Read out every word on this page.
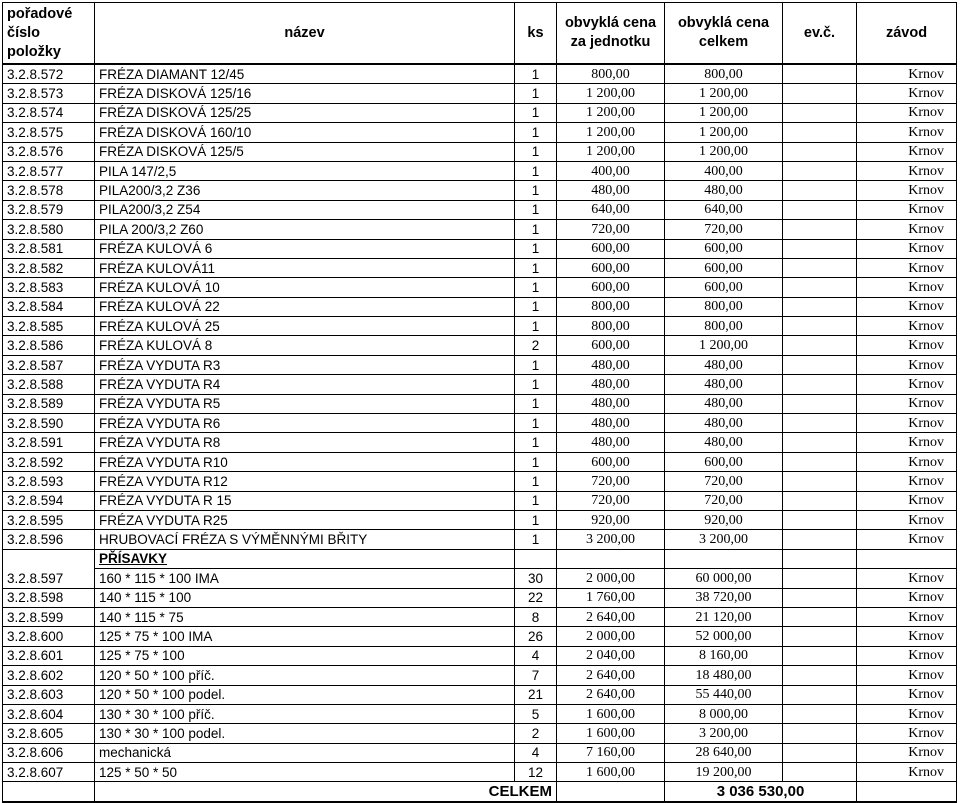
pořadové číslo položky	název	ks	obvyklá cena za jednotku	obvyklá cena celkem	ev.č.	závod
3.2.8.572	FRÉZA DIAMANT 12/45	1	800,00	800,00		Krnov
3.2.8.573	FRÉZA DISKOVÁ 125/16	1	1 200,00	1 200,00		Krnov
3.2.8.574	FRÉZA DISKOVÁ 125/25	1	1 200,00	1 200,00		Krnov
3.2.8.575	FRÉZA DISKOVÁ 160/10	1	1 200,00	1 200,00		Krnov
3.2.8.576	FRÉZA DISKOVÁ 125/5	1	1 200,00	1 200,00		Krnov
3.2.8.577	PILA 147/2,5	1	400,00	400,00		Krnov
3.2.8.578	PILA200/3,2 Z36	1	480,00	480,00		Krnov
3.2.8.579	PILA200/3,2 Z54	1	640,00	640,00		Krnov
3.2.8.580	PILA 200/3,2 Z60	1	720,00	720,00		Krnov
3.2.8.581	FRÉZA KULOVÁ 6	1	600,00	600,00		Krnov
3.2.8.582	FRÉZA KULOVÁ11	1	600,00	600,00		Krnov
3.2.8.583	FRÉZA KULOVÁ 10	1	600,00	600,00		Krnov
3.2.8.584	FRÉZA KULOVÁ 22	1	800,00	800,00		Krnov
3.2.8.585	FRÉZA KULOVÁ 25	1	800,00	800,00		Krnov
3.2.8.586	FRÉZA KULOVÁ 8	2	600,00	1 200,00		Krnov
3.2.8.587	FRÉZA VYDUTA R3	1	480,00	480,00		Krnov
3.2.8.588	FRÉZA VYDUTA R4	1	480,00	480,00		Krnov
3.2.8.589	FRÉZA VYDUTA R5	1	480,00	480,00		Krnov
3.2.8.590	FRÉZA VYDUTA R6	1	480,00	480,00		Krnov
3.2.8.591	FRÉZA VYDUTA R8	1	480,00	480,00		Krnov
3.2.8.592	FRÉZA VYDUTA R10	1	600,00	600,00		Krnov
3.2.8.593	FRÉZA VYDUTA R12	1	720,00	720,00		Krnov
3.2.8.594	FRÉZA VYDUTA R 15	1	720,00	720,00		Krnov
3.2.8.595	FRÉZA VYDUTA R25	1	920,00	920,00		Krnov
3.2.8.596	HRUBOVACÍ FRÉZA S VÝMĚNNÝMI BŘITY	1	3 200,00	3 200,00		Krnov
	PŘÍSAVKY					
3.2.8.597	160 * 115 * 100 IMA	30	2 000,00	60 000,00		Krnov
3.2.8.598	140 * 115 * 100	22	1 760,00	38 720,00		Krnov
3.2.8.599	140 * 115 * 75	8	2 640,00	21 120,00		Krnov
3.2.8.600	125 * 75 * 100 IMA	26	2 000,00	52 000,00		Krnov
3.2.8.601	125 * 75 * 100	4	2 040,00	8 160,00		Krnov
3.2.8.602	120 * 50 * 100 příč.	7	2 640,00	18 480,00		Krnov
3.2.8.603	120 * 50 * 100 podel.	21	2 640,00	55 440,00		Krnov
3.2.8.604	130 * 30 * 100 příč.	5	1 600,00	8 000,00		Krnov
3.2.8.605	130 * 30 * 100 podel.	2	1 600,00	3 200,00		Krnov
3.2.8.606	mechanická	4	7 160,00	28 640,00		Krnov
3.2.8.607	125 * 50 * 50	12	1 600,00	19 200,00		Krnov
	CELKEM			3 036 530,00		
